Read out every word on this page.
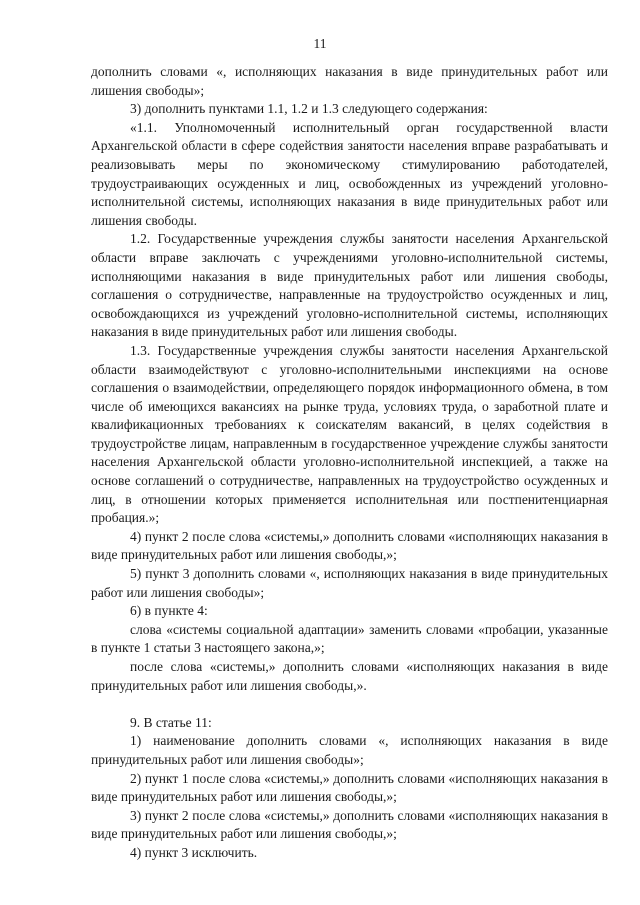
11

дополнить словами «, исполняющих наказания в виде принудительных работ или лишения свободы»;

3) дополнить пунктами 1.1, 1.2 и 1.3 следующего содержания:

«1.1. Уполномоченный исполнительный орган государственной власти Архангельской области в сфере содействия занятости населения вправе разрабатывать и реализовывать меры по экономическому стимулированию работодателей, трудоустраивающих осужденных и лиц, освобожденных из учреждений уголовно-исполнительной системы, исполняющих наказания в виде принудительных работ или лишения свободы.

1.2. Государственные учреждения службы занятости населения Архангельской области вправе заключать с учреждениями уголовно-исполнительной системы, исполняющими наказания в виде принудительных работ или лишения свободы, соглашения о сотрудничестве, направленные на трудоустройство осужденных и лиц, освобождающихся из учреждений уголовно-исполнительной системы, исполняющих наказания в виде принудительных работ или лишения свободы.

1.3. Государственные учреждения службы занятости населения Архангельской области взаимодействуют с уголовно-исполнительными инспекциями на основе соглашения о взаимодействии, определяющего порядок информационного обмена, в том числе об имеющихся вакансиях на рынке труда, условиях труда, о заработной плате и квалификационных требованиях к соискателям вакансий, в целях содействия в трудоустройстве лицам, направленным в государственное учреждение службы занятости населения Архангельской области уголовно-исполнительной инспекцией, а также на основе соглашений о сотрудничестве, направленных на трудоустройство осужденных и лиц, в отношении которых применяется исполнительная или постпенитенциарная пробация.»;

4) пункт 2 после слова «системы,» дополнить словами «исполняющих наказания в виде принудительных работ или лишения свободы,»;

5) пункт 3 дополнить словами «, исполняющих наказания в виде принудительных работ или лишения свободы»;

6) в пункте 4:

слова «системы социальной адаптации» заменить словами «пробации, указанные в пункте 1 статьи 3 настоящего закона,»;

после слова «системы,» дополнить словами «исполняющих наказания в виде принудительных работ или лишения свободы,».

9. В статье 11:

1) наименование дополнить словами «, исполняющих наказания в виде принудительных работ или лишения свободы»;

2) пункт 1 после слова «системы,» дополнить словами «исполняющих наказания в виде принудительных работ или лишения свободы,»;

3) пункт 2 после слова «системы,» дополнить словами «исполняющих наказания в виде принудительных работ или лишения свободы,»;

4) пункт 3 исключить.
